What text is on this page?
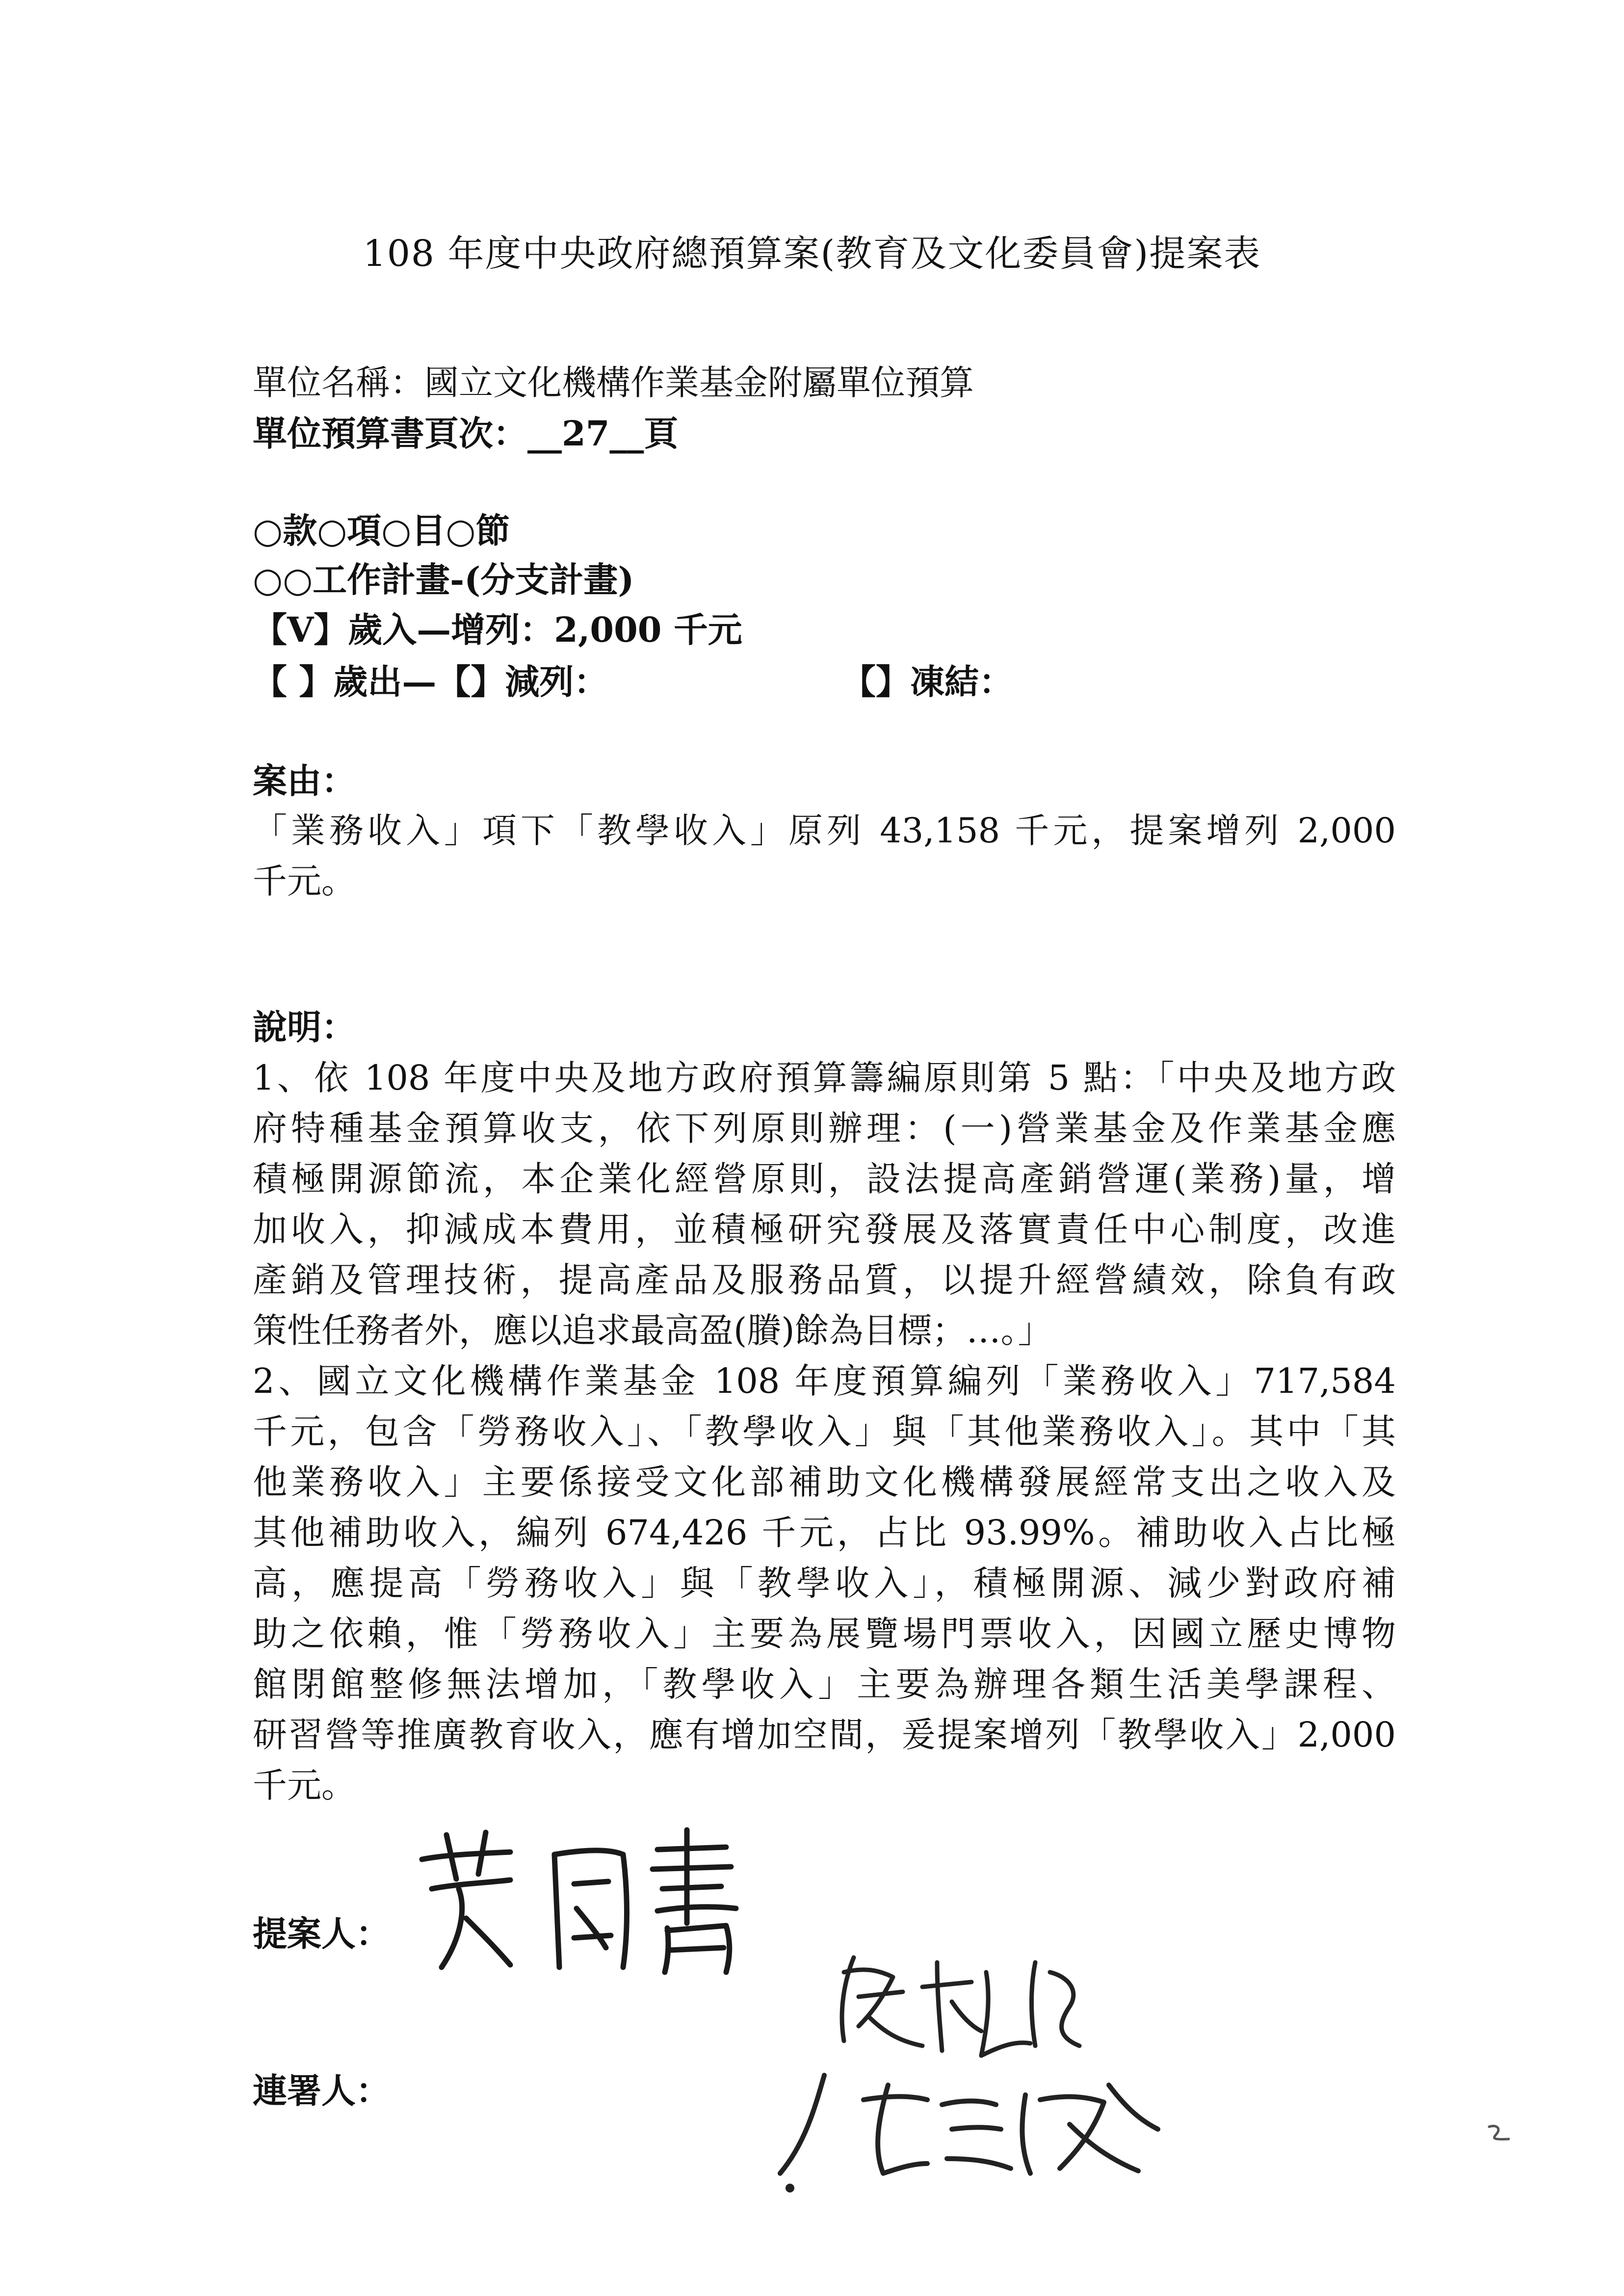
108 年度中央政府總預算案(教育及文化委員會)提案表
單位名稱：國立文化機構作業基金附屬單位預算
單位預算書頁次：__27__頁
○款○項○目○節
○○工作計畫-(分支計畫)
【V】歲入—增列：2,000 千元
【 】歲出—【】減列：	【】凍結：
案由：
「業務收入」項下「教學收入」原列 43,158 千元，提案增列 2,000
千元。
說明：
1、依 108 年度中央及地方政府預算籌編原則第 5 點：「中央及地方政
府特種基金預算收支，依下列原則辦理：(一)營業基金及作業基金應
積極開源節流，本企業化經營原則，設法提高產銷營運(業務)量，增
加收入，抑減成本費用，並積極研究發展及落實責任中心制度，改進
產銷及管理技術，提高產品及服務品質，以提升經營績效，除負有政
策性任務者外，應以追求最高盈(賸)餘為目標；…。」
2、國立文化機構作業基金 108 年度預算編列「業務收入」717,584
千元，包含「勞務收入」、「教學收入」與「其他業務收入」。其中「其
他業務收入」主要係接受文化部補助文化機構發展經常支出之收入及
其他補助收入，編列 674,426 千元，占比 93.99%。補助收入占比極
高，應提高「勞務收入」與「教學收入」，積極開源、減少對政府補
助之依賴，惟「勞務收入」主要為展覽場門票收入，因國立歷史博物
館閉館整修無法增加，「教學收入」主要為辦理各類生活美學課程、
研習營等推廣教育收入，應有增加空間，爰提案增列「教學收入」2,000
千元。
提案人：
連署人：
